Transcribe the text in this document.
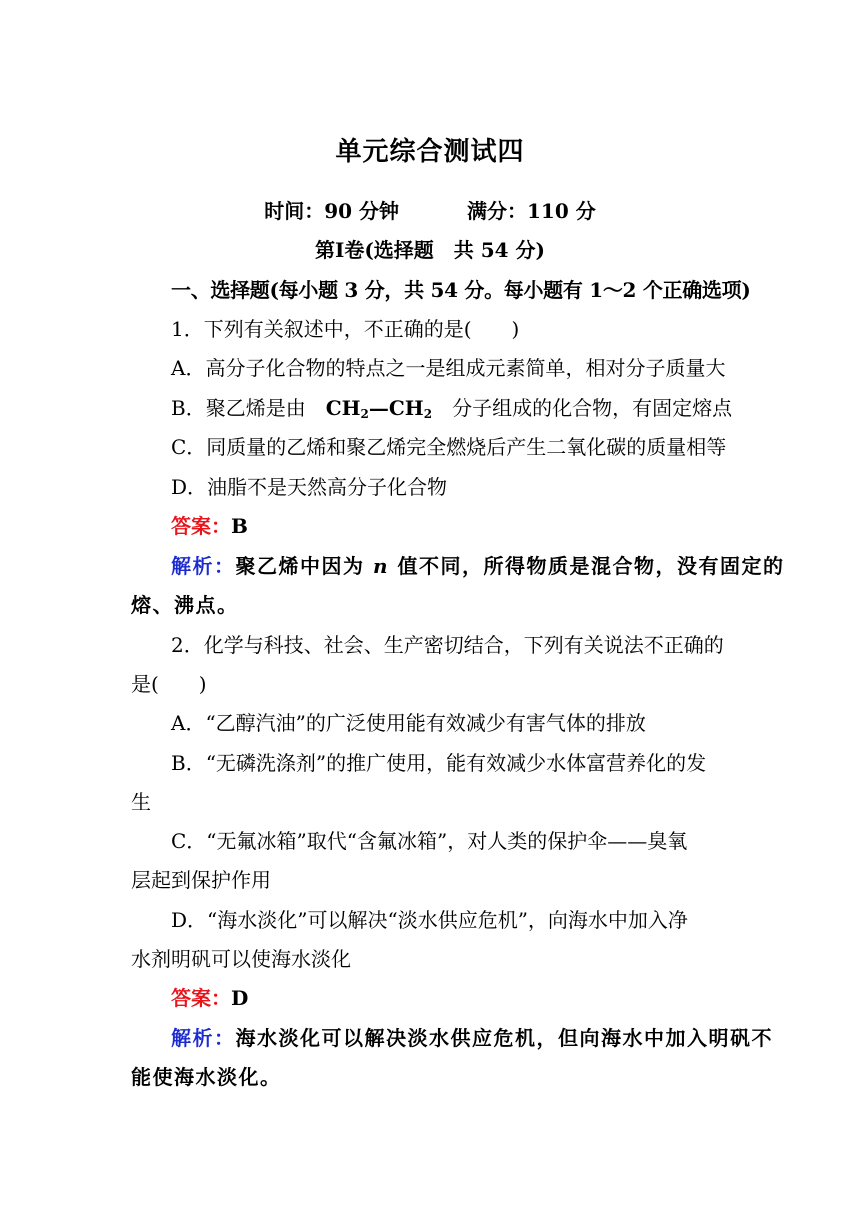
单元综合测试四
时间：90 分钟	满分：110 分
第Ⅰ卷(选择题　共 54 分)
一、选择题(每小题 3 分，共 54 分。每小题有 1～2 个正确选项)
1．下列有关叙述中，不正确的是(　　)
A．高分子化合物的特点之一是组成元素简单，相对分子质量大
B．聚乙烯是由　$CH_2—CH_2$　分子组成的化合物，有固定熔点
C．同质量的乙烯和聚乙烯完全燃烧后产生二氧化碳的质量相等
D．油脂不是天然高分子化合物
答案：B
解析：聚乙烯中因为 n 值不同，所得物质是混合物，没有固定的
熔、沸点。
2．化学与科技、社会、生产密切结合，下列有关说法不正确的
是(　　)
A．“乙醇汽油”的广泛使用能有效减少有害气体的排放
B．“无磷洗涤剂”的推广使用，能有效减少水体富营养化的发
生
C．“无氟冰箱”取代“含氟冰箱”，对人类的保护伞——臭氧
层起到保护作用
D．“海水淡化”可以解决“淡水供应危机”，向海水中加入净
水剂明矾可以使海水淡化
答案：D
解析：海水淡化可以解决淡水供应危机，但向海水中加入明矾不
能使海水淡化。
